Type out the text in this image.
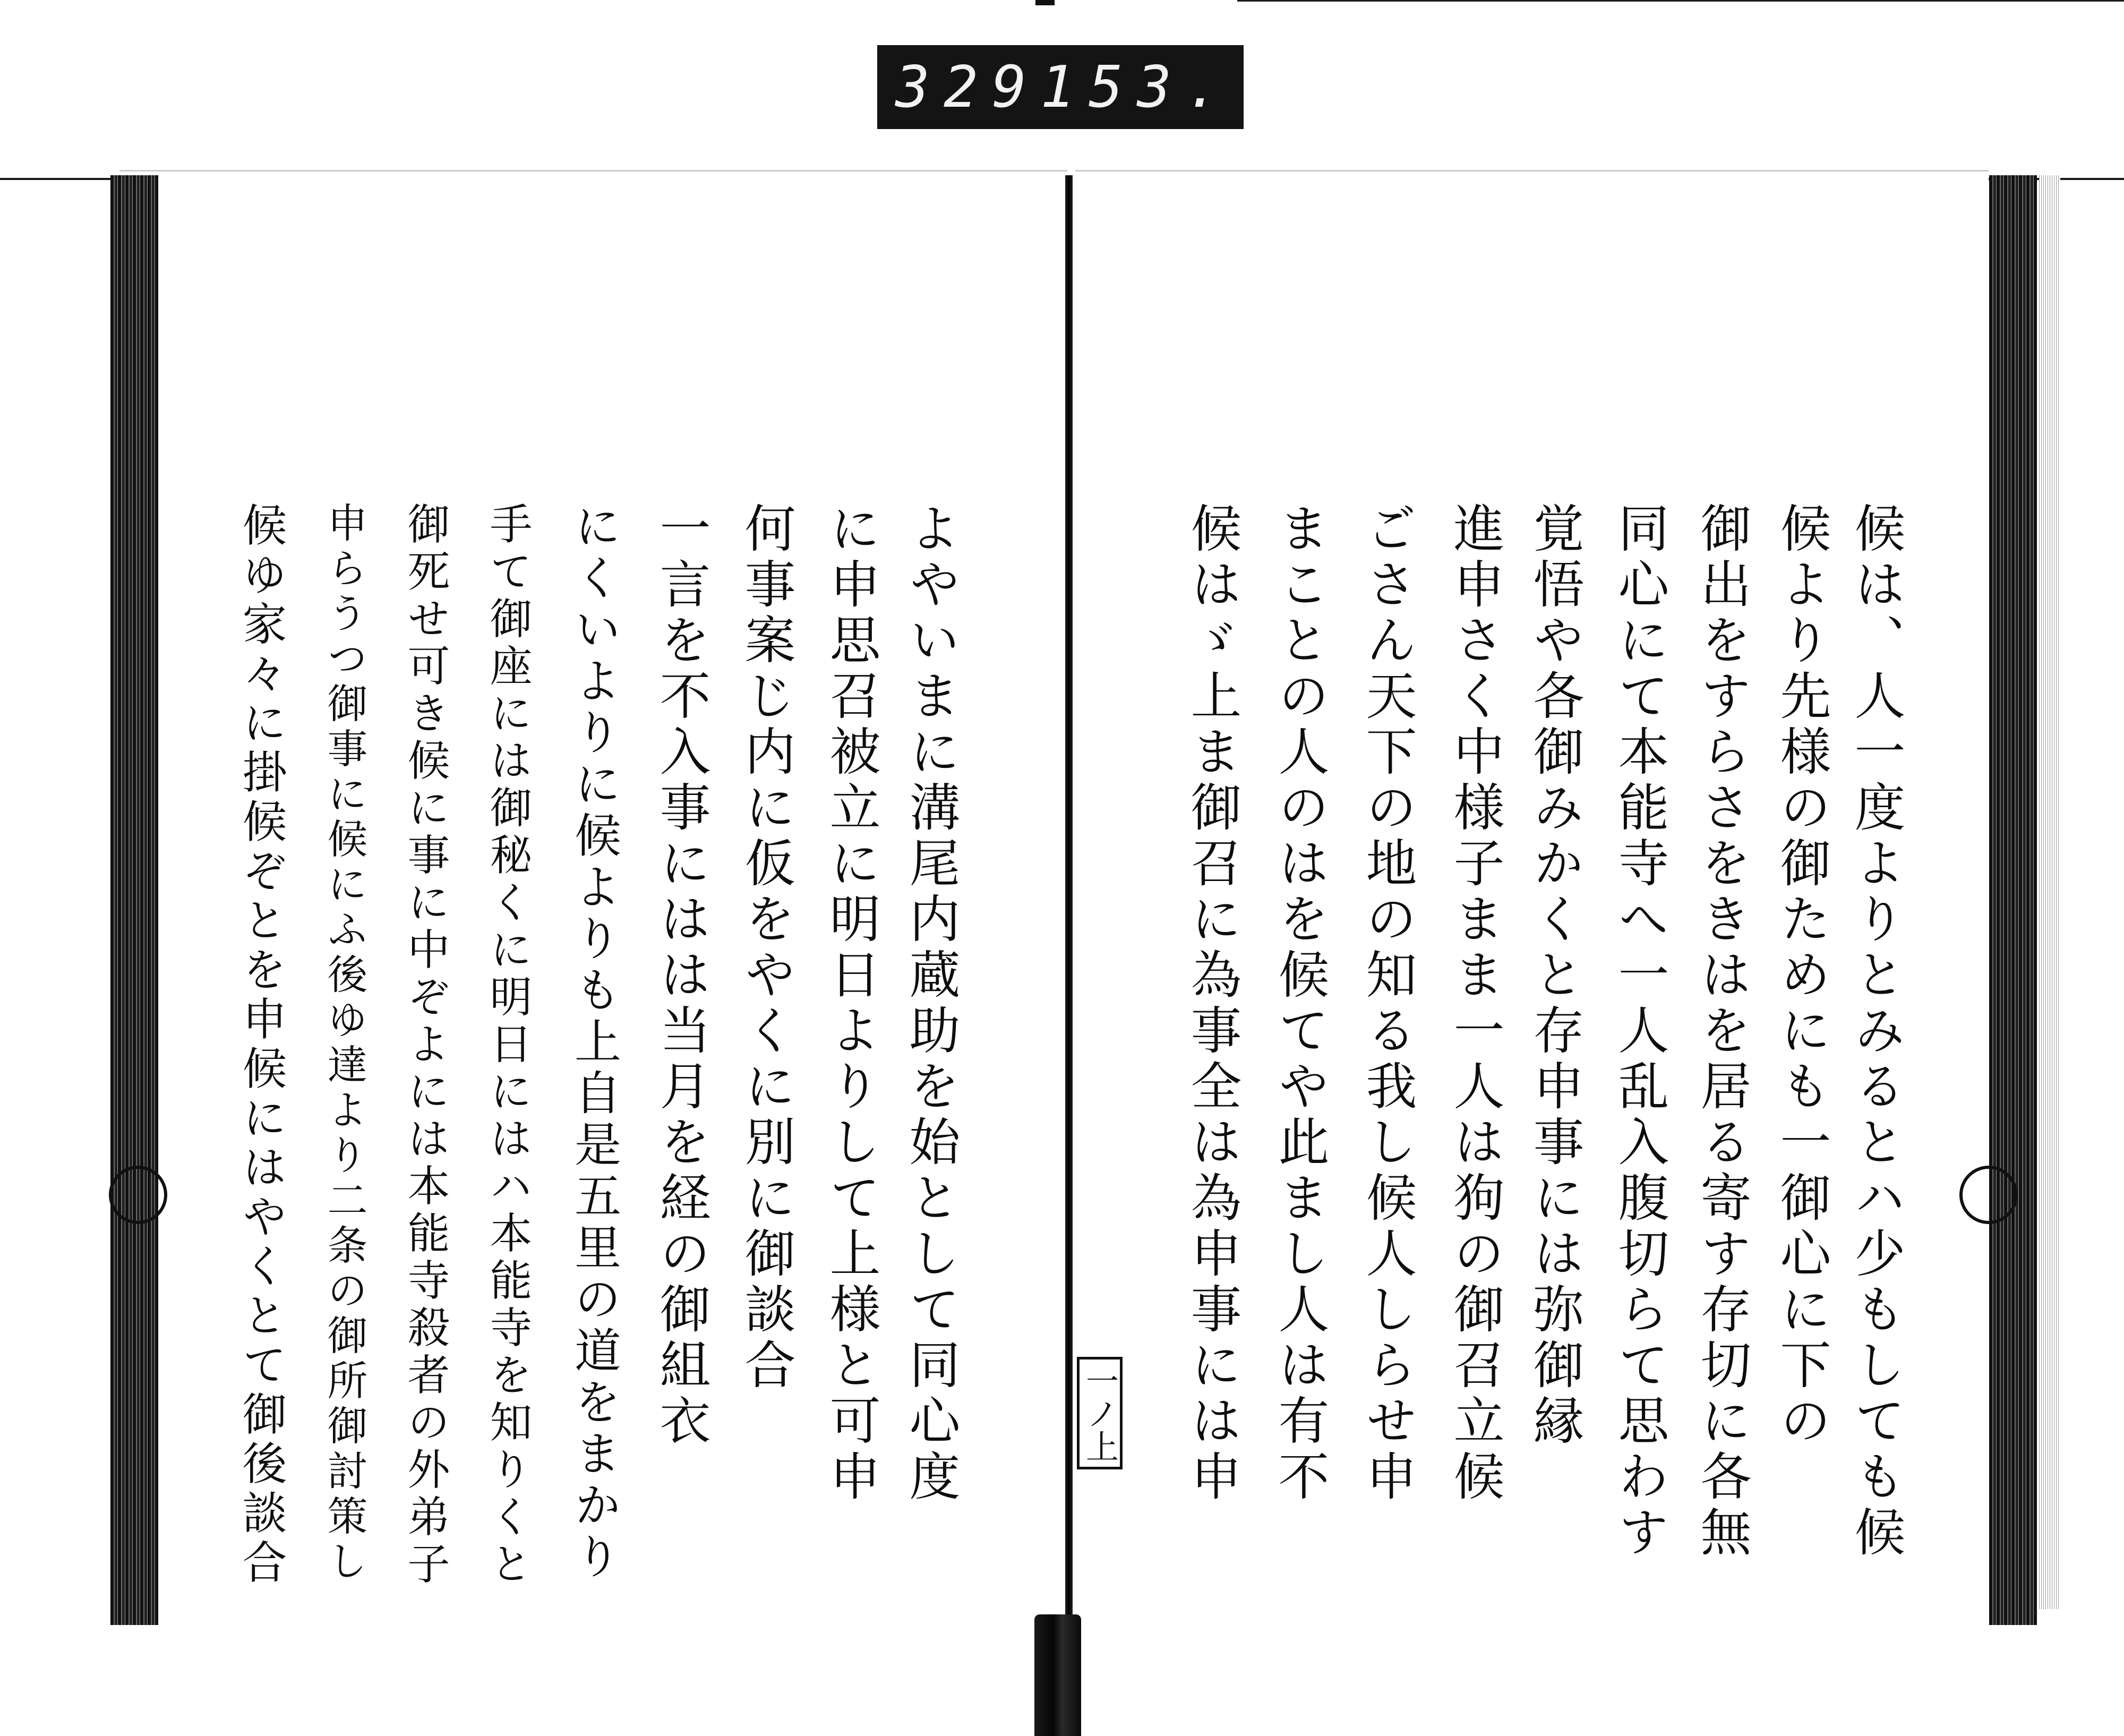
329 153.
候は、人一度よりとみるとハ少もしても候
候より先様の御ためにも一御心に下の
御出をすらさをきはを居る寄す存切に各無
同心にて本能寺へ一人乱入腹切らて思わす
覚悟や各御みかくと存申事には弥御縁
進申さく中様子まま一人は狗の御召立候
ごさん天下の地の知る我し候人しらせ申
まことの人のはを候てや此まし人は有不
候はゞ上ま御召に為事全は為申事には申
一ノ上
よやいまに溝尾内蔵助を始として同心度
に申思召被立に明日よりして上様と可申
何事案じ内に仮をやくに別に御談合
一言を不入事にはは当月を経の御組衣
にくいよりに候よりも上自是五里の道をまかり
手て御座には御秘くに明日にはハ本能寺を知りくと
御死せ可き候に事に中ぞよには本能寺殺者の外弟子
申らうつ御事に候にふ後ゆ達より二条の御所御討策し
候ゆ家々に掛候ぞとを申候にはやくとて御後談合
